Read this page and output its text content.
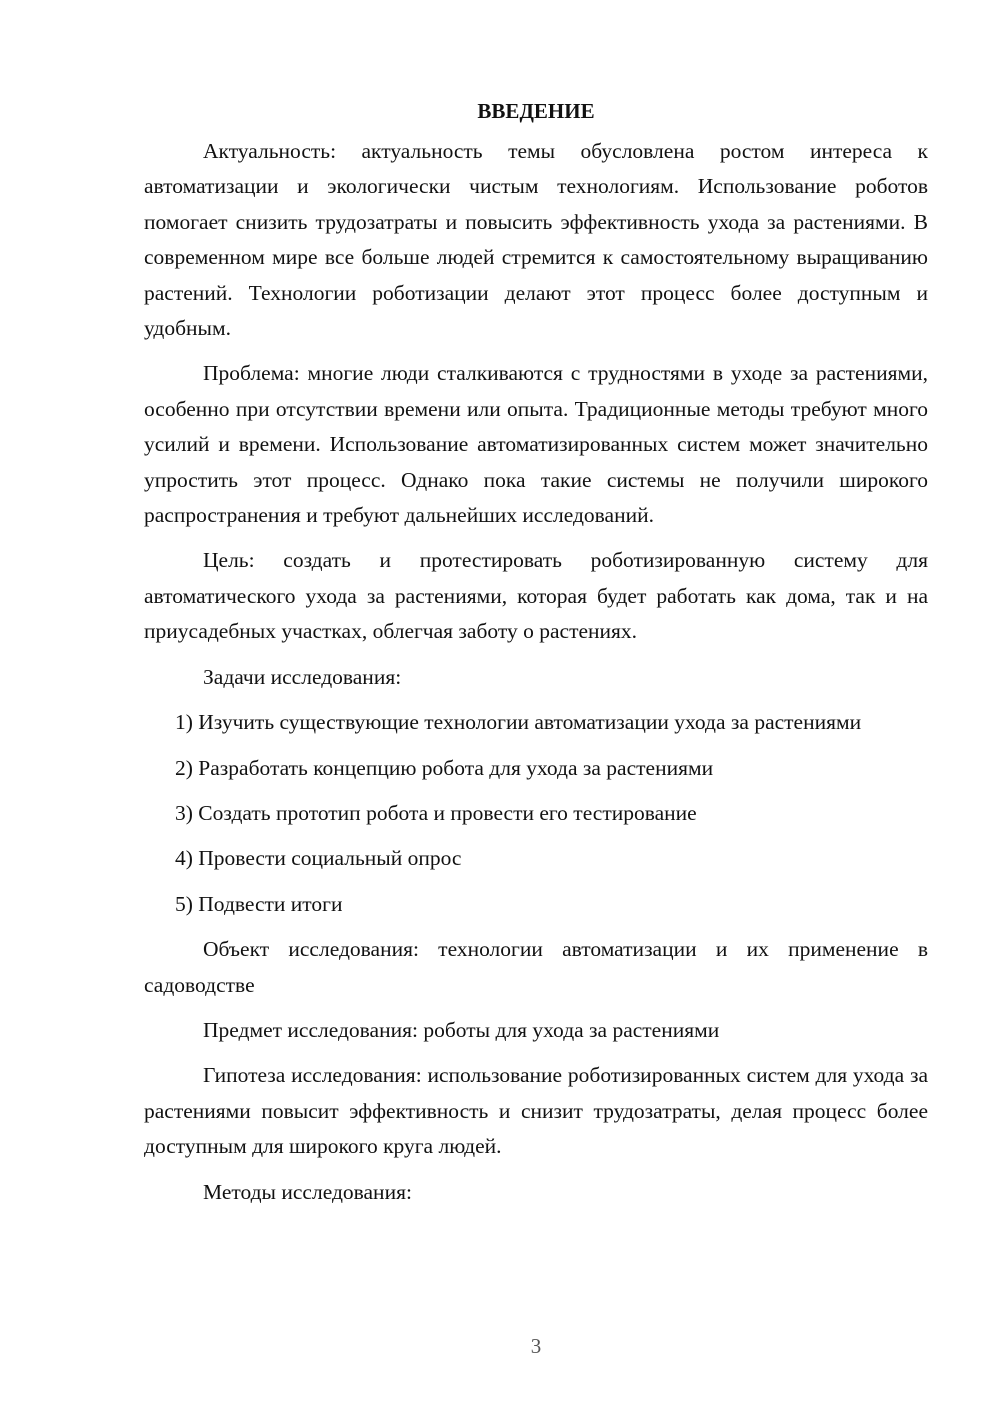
ВВЕДЕНИЕ

Актуальность: актуальность темы обусловлена ростом интереса к автоматизации и экологически чистым технологиям. Использование роботов помогает снизить трудозатраты и повысить эффективность ухода за растениями. В современном мире все больше людей стремится к самостоятельному выращиванию растений. Технологии роботизации делают этот процесс более доступным и удобным.

Проблема: многие люди сталкиваются с трудностями в уходе за растениями, особенно при отсутствии времени или опыта. Традиционные методы требуют много усилий и времени. Использование автоматизированных систем может значительно упростить этот процесс. Однако пока такие системы не получили широкого распространения и требуют дальнейших исследований.

Цель: создать и протестировать роботизированную систему для автоматического ухода за растениями, которая будет работать как дома, так и на приусадебных участках, облегчая заботу о растениях.

Задачи исследования:

1) Изучить существующие технологии автоматизации ухода за растениями

2) Разработать концепцию робота для ухода за растениями

3) Создать прототип робота и провести его тестирование

4) Провести социальный опрос

5) Подвести итоги

Объект исследования: технологии автоматизации и их применение в садоводстве

Предмет исследования: роботы для ухода за растениями

Гипотеза исследования: использование роботизированных систем для ухода за растениями повысит эффективность и снизит трудозатраты, делая процесс более доступным для широкого круга людей.

Методы исследования:

3
